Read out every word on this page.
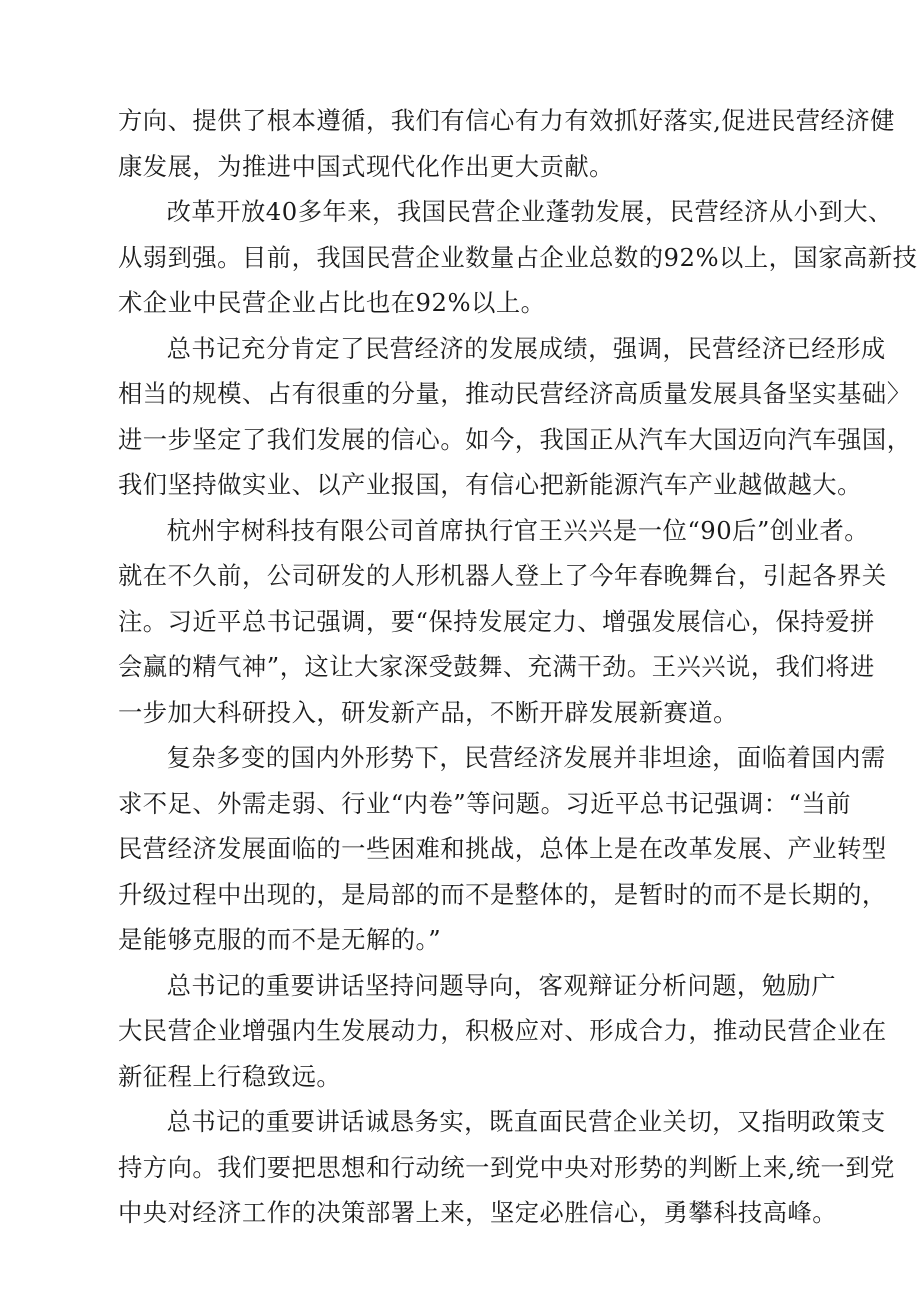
方向、提供了根本遵循，我们有信心有力有效抓好落实,促进民营经济健
康发展，为推进中国式现代化作出更大贡献。

改革开放40多年来，我国民营企业蓬勃发展，民营经济从小到大、
从弱到强。目前，我国民营企业数量占企业总数的92%以上，国家高新技
术企业中民营企业占比也在92%以上。

总书记充分肯定了民营经济的发展成绩，强调，民营经济已经形成
相当的规模、占有很重的分量，推动民营经济高质量发展具备坚实基础〉
进一步坚定了我们发展的信心。如今，我国正从汽车大国迈向汽车强国，
我们坚持做实业、以产业报国，有信心把新能源汽车产业越做越大。

杭州宇树科技有限公司首席执行官王兴兴是一位“90后”创业者。
就在不久前，公司研发的人形机器人登上了今年春晚舞台，引起各界关
注。习近平总书记强调，要“保持发展定力、增强发展信心，保持爱拼
会赢的精气神”，这让大家深受鼓舞、充满干劲。王兴兴说，我们将进
一步加大科研投入，研发新产品，不断开辟发展新赛道。

复杂多变的国内外形势下，民营经济发展并非坦途，面临着国内需
求不足、外需走弱、行业“内卷”等问题。习近平总书记强调：“当前
民营经济发展面临的一些困难和挑战，总体上是在改革发展、产业转型
升级过程中出现的，是局部的而不是整体的，是暂时的而不是长期的，
是能够克服的而不是无解的。”

总书记的重要讲话坚持问题导向，客观辩证分析问题，勉励广
大民营企业增强内生发展动力，积极应对、形成合力，推动民营企业在
新征程上行稳致远。

总书记的重要讲话诚恳务实，既直面民营企业关切，又指明政策支
持方向。我们要把思想和行动统一到党中央对形势的判断上来,统一到党
中央对经济工作的决策部署上来，坚定必胜信心，勇攀科技高峰。
